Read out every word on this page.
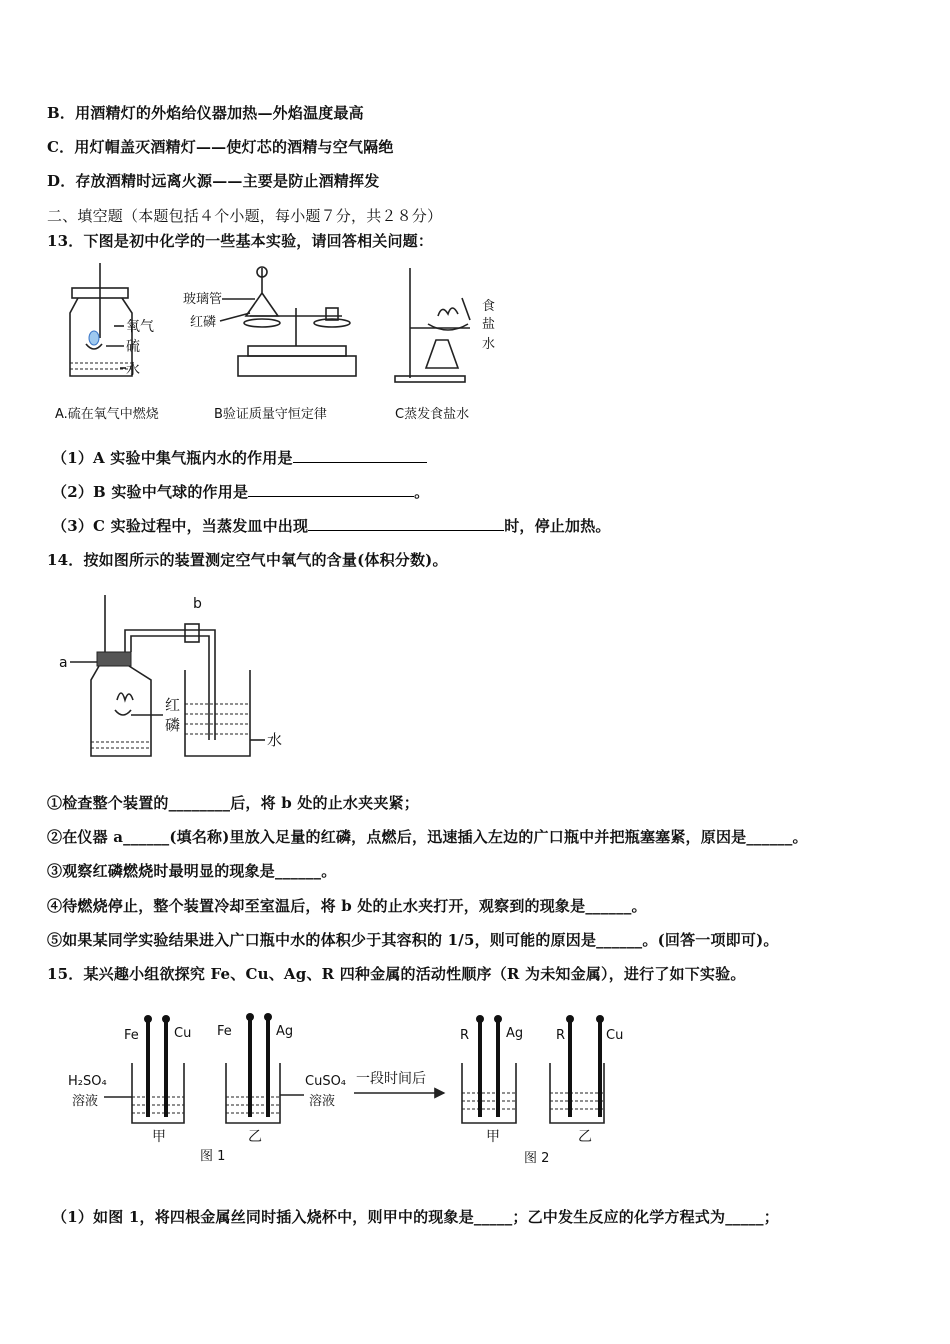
B．用酒精灯的外焰给仪器加热—外焰温度最高
C．用灯帽盖灭酒精灯——使灯芯的酒精与空气隔绝
D．存放酒精时远离火源——主要是防止酒精挥发
二、填空题（本题包括４个小题，每小题７分，共２８分）
13．下图是初中化学的一些基本实验，请回答相关问题：
氧气
硫
水
A.硫在氧气中燃烧
玻璃管
红磷
B验证质量守恒定律
食
盐
水
C蒸发食盐水
（1）A 实验中集气瓶内水的作用是
（2）B 实验中气球的作用是	。
（3）C 实验过程中，当蒸发皿中出现	时，停止加热。
14．按如图所示的装置测定空气中氧气的含量(体积分数)。
a
b
红
磷
水
①检查整个装置的________后，将 b 处的止水夹夹紧；
②在仪器 a______(填名称)里放入足量的红磷，点燃后，迅速插入左边的广口瓶中并把瓶塞塞紧，原因是______。
③观察红磷燃烧时最明显的现象是______。
④待燃烧停止，整个装置冷却至室温后，将 b 处的止水夹打开，观察到的现象是______。
⑤如果某同学实验结果进入广口瓶中水的体积少于其容积的 1/5，则可能的原因是______。(回答一项即可)。
15．某兴趣小组欲探究 Fe、Cu、Ag、R 四种金属的活动性顺序（R 为未知金属），进行了如下实验。
Fe	Cu
甲
Fe	Ag
乙
H₂SO₄
溶液
CuSO₄
溶液
图 1
一段时间后
R	Ag
甲
R	Cu
乙
图 2
（1）如图 1，将四根金属丝同时插入烧杯中，则甲中的现象是_____；乙中发生反应的化学方程式为_____；
